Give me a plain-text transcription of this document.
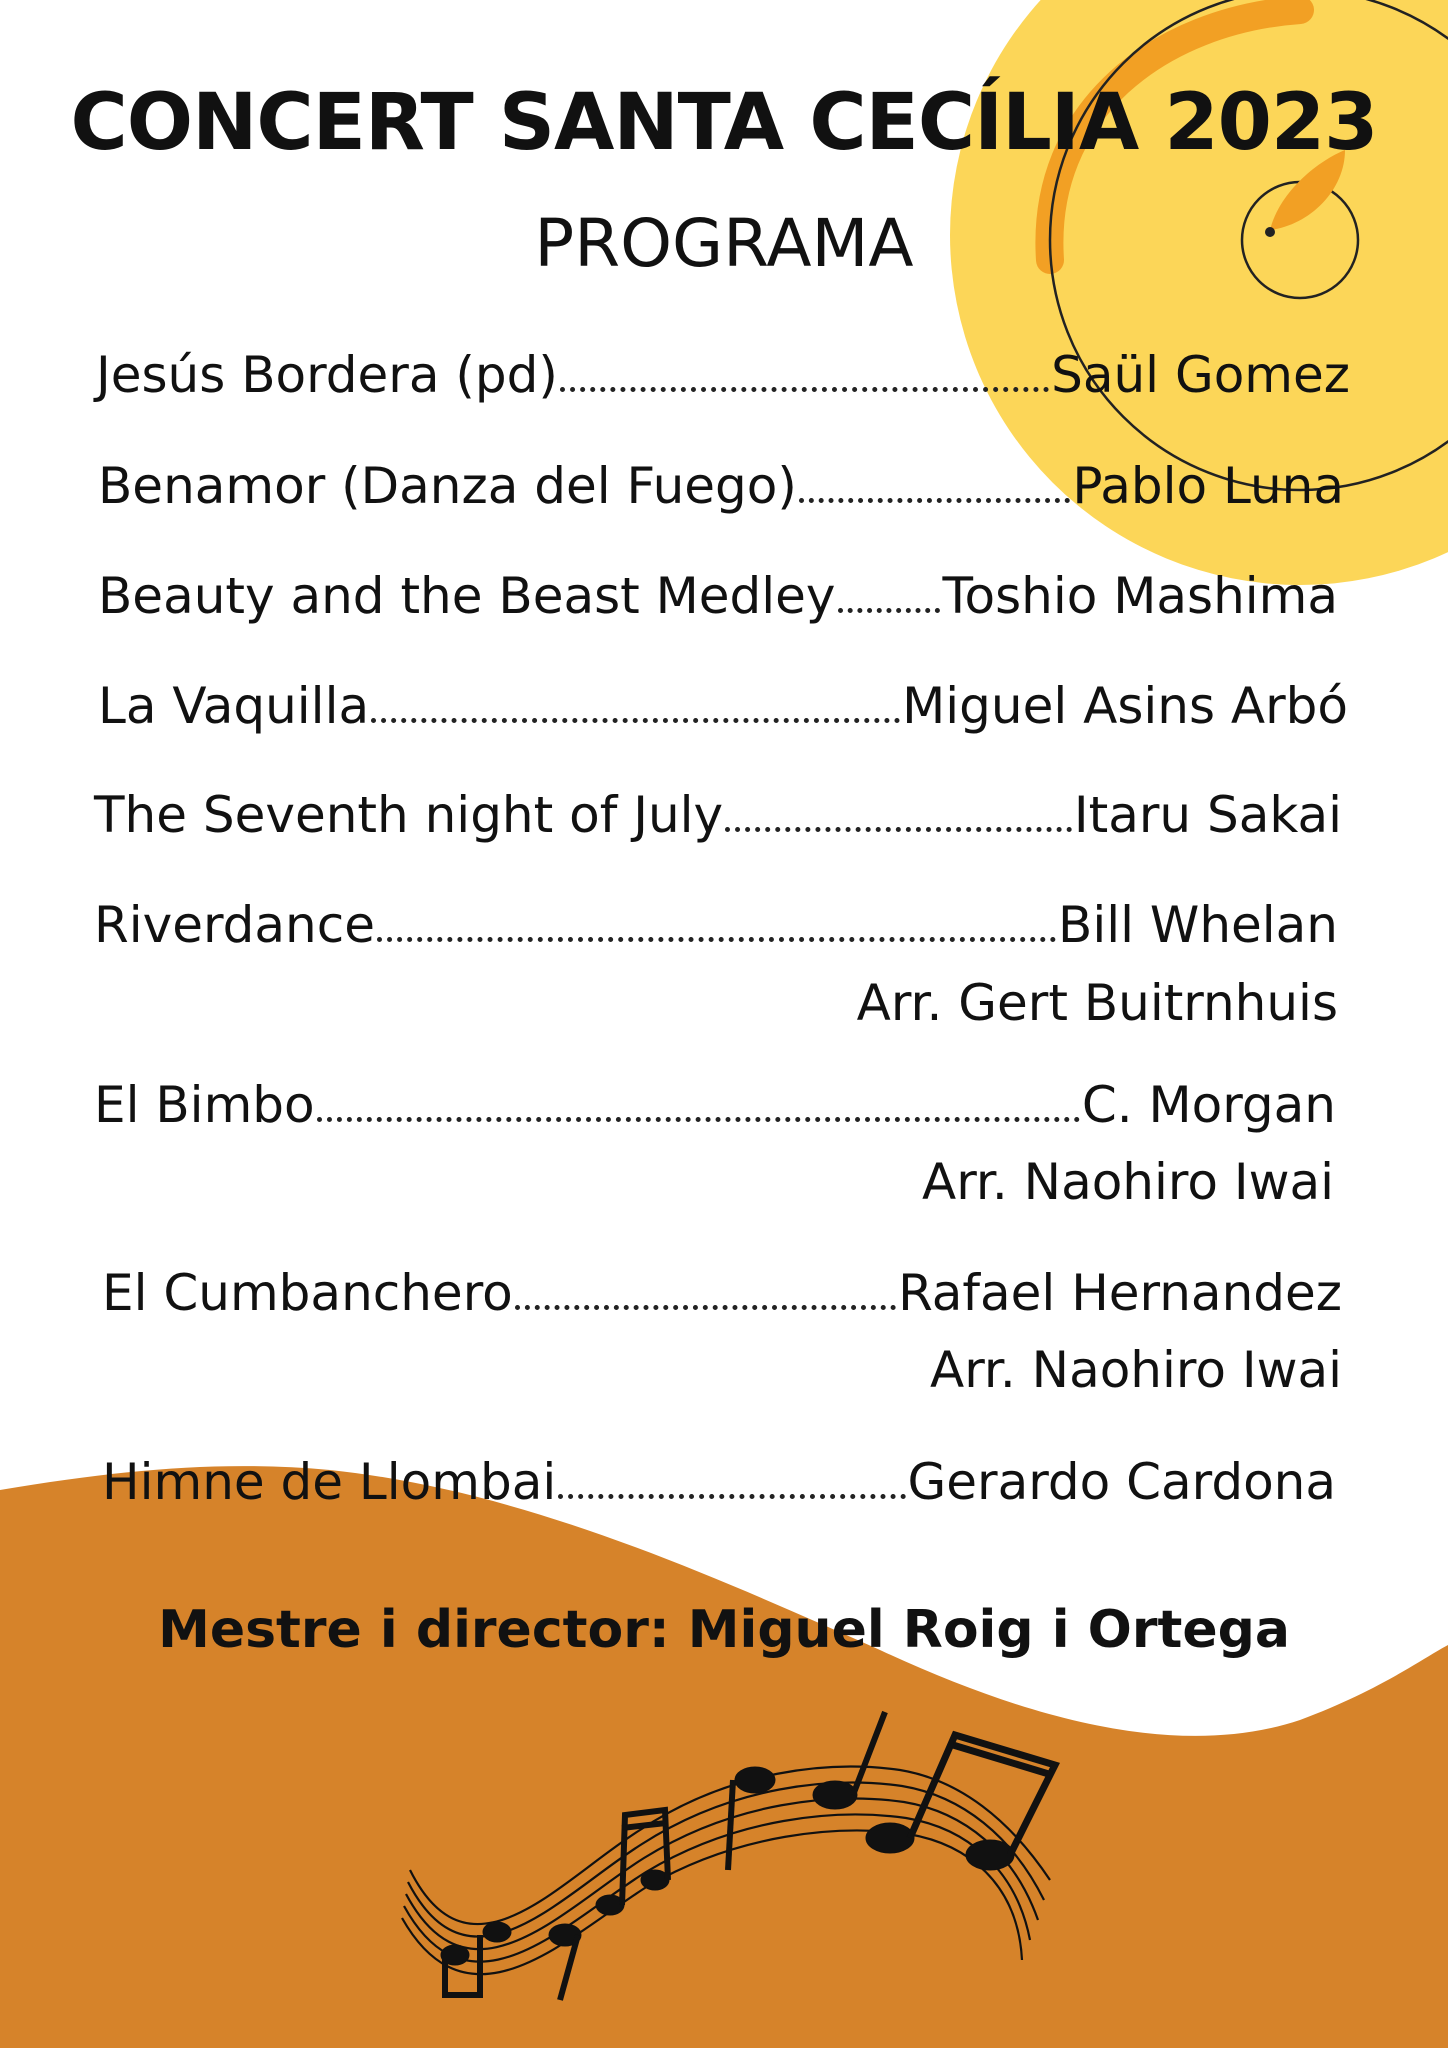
CONCERT SANTA CECÍLIA 2023
PROGRAMA
Jesús Bordera (pd)	Saül Gomez
Benamor (Danza del Fuego)	Pablo Luna
Beauty and the Beast Medley Toshio Mashima
La Vaquilla	Miguel Asins Arbó
The Seventh night of July	Itaru Sakai
Riverdance	Bill Whelan
Arr. Gert Buitrnhuis
El Bimbo	C. Morgan
Arr. Naohiro Iwai
El Cumbanchero	Rafael Hernandez
Arr. Naohiro Iwai
Himne de Llombai	Gerardo Cardona
Mestre i director: Miguel Roig i Ortega
